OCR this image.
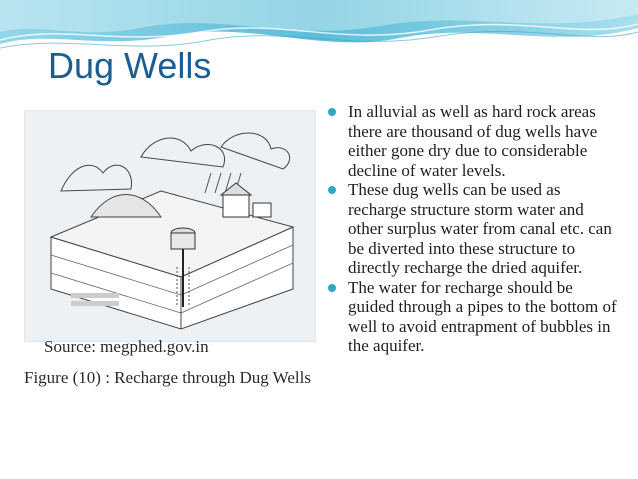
Dug Wells
Source: megphed.gov.in
Figure (10) : Recharge through Dug Wells
In alluvial as well as hard rock areas there are thousand of dug wells have either gone dry due to considerable decline of water levels.
These dug wells can be used as recharge structure storm water and other surplus water from canal etc. can be diverted into these structure to directly recharge the dried aquifer.
The water for recharge should be guided through a pipes to the bottom of well to avoid entrapment of bubbles in the aquifer.
